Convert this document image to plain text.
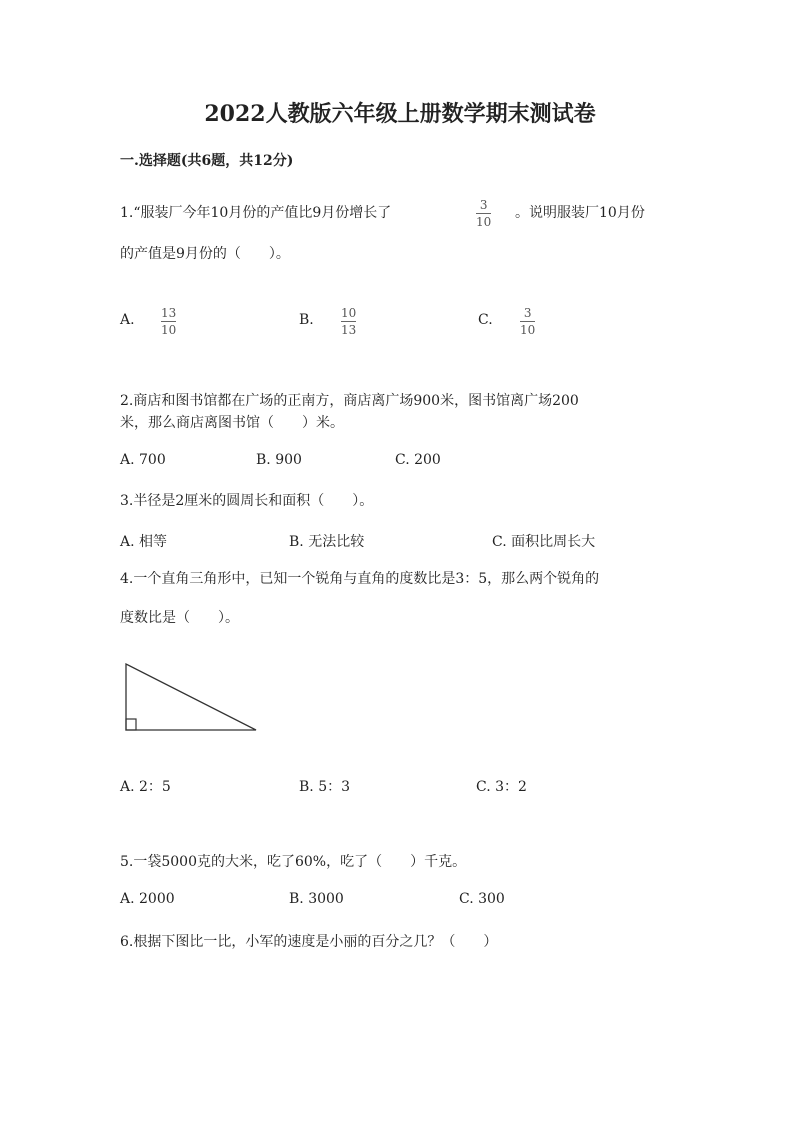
2022人教版六年级上册数学期末测试卷
一.选择题(共6题，共12分)
1.“服装厂今年10月份的产值比9月份增长了	3
10
。说明服装厂10月份
的产值是9月份的（　　）。
A. 13
10
B. 10
13
C.	3
10
2.商店和图书馆都在广场的正南方，商店离广场900米，图书馆离广场200
米，那么商店离图书馆（　　）米。
A. 700	B. 900	C. 200
3.半径是2厘米的圆周长和面积（　　）。
A. 相等	B. 无法比较	C. 面积比周长大
4.一个直角三角形中，已知一个锐角与直角的度数比是3：5，那么两个锐角的
度数比是（　　）。
A. 2：5	B. 5：3	C. 3：2
5.一袋5000克的大米，吃了60%，吃了（　　）千克。
A. 2000	B. 3000	C. 300
6.根据下图比一比，小军的速度是小丽的百分之几？（　　）
